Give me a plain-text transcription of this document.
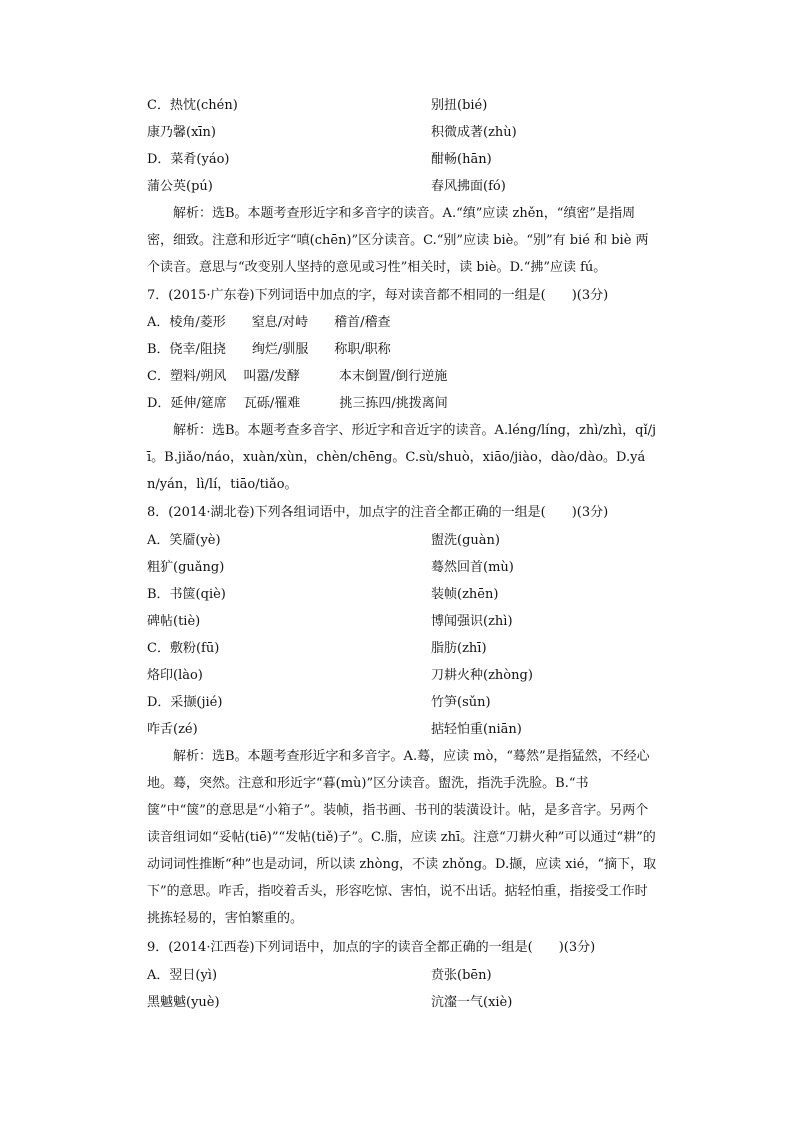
C．热忱(chén)	别扭(bié)
康乃馨(xīn)	积微成著(zhù)
D．菜肴(yáo)	酣畅(hān)
蒲公英(pú)	春风拂面(fó)
解析：选B。本题考查形近字和多音字的读音。A.“缜”应读 zhěn，“缜密”是指周密，细致。注意和形近字“嗔(chēn)”区分读音。C.“别”应读 biè。“别”有 bié 和 biè 两个读音。意思与“改变别人坚持的意见或习性”相关时，读 biè。D.“拂”应读 fú。
7．(2015·广东卷)下列词语中加点的字，每对读音都不相同的一组是(　　)(3分)
A．棱角/菱形　　窒息/对峙　　稽首/稽查
B．侥幸/阻挠　　绚烂/驯服　　称职/职称
C．塑料/朔风　 叫嚣/发酵　　　本末倒置/倒行逆施
D．延伸/筵席　 瓦砾/罹难　　　挑三拣四/挑拨离间
解析：选B。本题考查多音字、形近字和音近字的读音。A.léng/líng，zhì/zhì，qǐ/jī。B.jiǎo/náo，xuàn/xùn，chèn/chēng。C.sù/shuò，xiāo/jiào，dào/dào。D.yán/yán，lì/lí，tiāo/tiǎo。
8．(2014·湖北卷)下列各组词语中，加点字的注音全都正确的一组是(　　)(3分)
A．笑靥(yè)	盥洗(guàn)
粗犷(guǎng)	蓦然回首(mù)
B．书箧(qiè)	装帧(zhēn)
碑帖(tiè)	博闻强识(zhì)
C．敷粉(fū)	脂肪(zhī)
烙印(lào)	刀耕火种(zhòng)
D．采撷(jié)	竹笋(sǔn)
咋舌(zé)	掂轻怕重(niān)
解析：选B。本题考查形近字和多音字。A.蓦，应读 mò，“蓦然”是指猛然，不经心地。蓦，突然。注意和形近字“暮(mù)”区分读音。盥洗，指洗手洗脸。B.“书箧”中“箧”的意思是“小箱子”。装帧，指书画、书刊的装潢设计。帖，是多音字。另两个读音组词如“妥帖(tiē)”“发帖(tiě)子”。C.脂，应读 zhī。注意“刀耕火种”可以通过“耕”的动词词性推断“种”也是动词，所以读 zhòng，不读 zhǒng。D.撷，应读 xié，“摘下，取下”的意思。咋舌，指咬着舌头，形容吃惊、害怕，说不出话。掂轻怕重，指接受工作时挑拣轻易的，害怕繁重的。
9．(2014·江西卷)下列词语中，加点的字的读音全都正确的一组是(　　)(3分)
A．翌日(yì)	贲张(bēn)
黑魆魆(yuè)	沆瀣一气(xiè)
